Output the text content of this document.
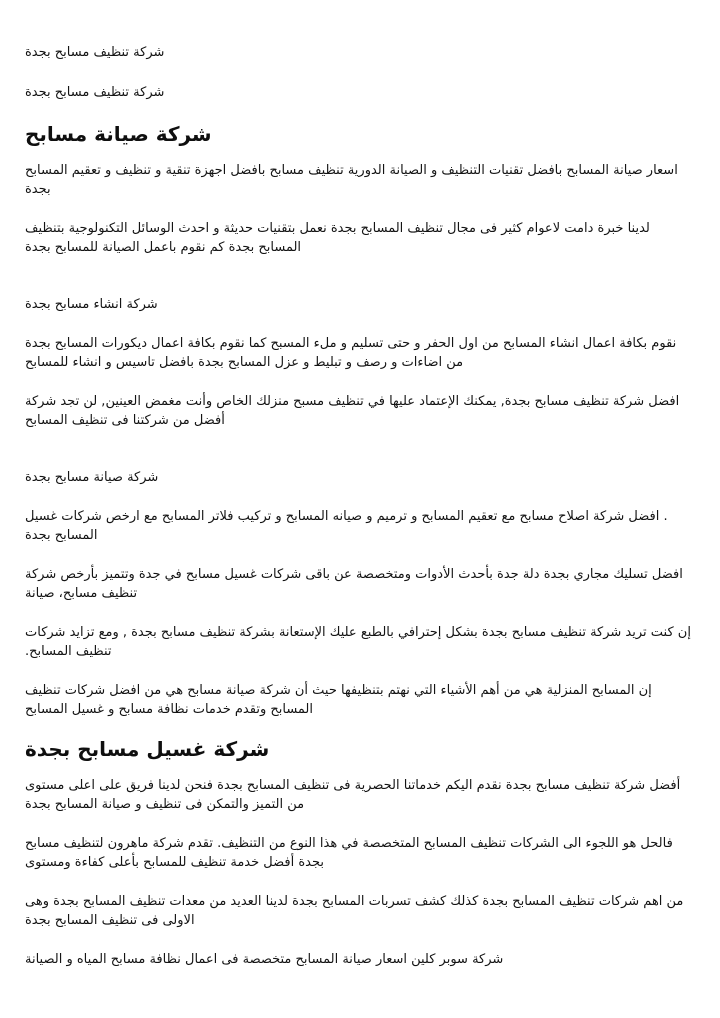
شركة تنظيف مسابح بجدة

شركة تنظيف مسابح بجدة

شركة صيانة مسابح

اسعار صيانة المسابح بافضل تقنيات التنظيف و الصيانة الدورية تنظيف مسابح بافضل اجهزة تنقية و تنظيف و تعقيم المسابح بجدة

لدينا خبرة دامت لاعوام كثير فى مجال تنظيف المسابح بجدة نعمل بتقنيات حديثة و احدث الوسائل التكنولوجية بتنظيف المسابح بجدة كم نقوم باعمل الصيانة للمسابح بجدة

شركة انشاء مسابح بجدة

نقوم بكافة اعمال انشاء المسابح من اول الحفر و حتى تسليم و ملء المسبح كما نقوم بكافة اعمال ديكورات المسابح بجدة من اضاءات و رصف و تبليط و عزل المسابح بجدة بافضل تاسيس و انشاء للمسابح

افضل شركة تنظيف مسابح بجدة, يمكنك الإعتماد عليها في تنظيف مسبح منزلك الخاص وأنت مغمض العينين, لن تجد شركة أفضل من شركتنا فى تنظيف المسابح

شركة صيانة مسابح بجدة

. افضل شركة اصلاح مسابح مع تعقيم المسابح و ترميم و صيانه المسابح و تركيب فلاتر المسابح مع ارخص شركات غسيل المسابح بجدة

افضل تسليك مجاري بجدة دلة جدة بأحدث الأدوات ومتخصصة عن باقى شركات غسيل مسابح في جدة وتتميز بأرخص شركة تنظيف مسابح، صيانة

إن كنت تريد شركة تنظيف مسابح بجدة بشكل إحترافي بالطبع عليك الإستعانة بشركة تنظيف مسابح بجدة , ومع تزايد شركات تنظيف المسابح.

إن المسابح المنزلية هي من أهم الأشياء التي نهتم بتنظيفها حيث أن شركة صيانة مسابح هي من افضل شركات تنظيف المسابح وتقدم خدمات نظافة مسابح و غسيل المسابح

شركة غسيل مسابح بجدة

أفضل شركة تنظيف مسابح بجدة نقدم اليكم خدماتنا الحصرية فى تنظيف المسابح بجدة فنحن لدينا فريق على اعلى مستوى من التميز والتمكن فى تنظيف و صيانة المسابح بجدة

فالحل هو اللجوء الى الشركات تنظيف المسابح المتخصصة في هذا النوع من التنظيف. تقدم شركة ماهرون لتنظيف مسابح بجدة أفضل خدمة تنظيف للمسابح بأعلى كفاءة ومستوى

من اهم شركات تنظيف المسابح بجدة كذلك كشف تسربات المسابح بجدة لدينا العديد من معدات تنظيف المسابح بجدة وهى الاولى فى تنظيف المسابح بجدة

شركة سوبر كلين اسعار صيانة المسابح متخصصة فى اعمال نظافة مسابح المياه و الصيانة
